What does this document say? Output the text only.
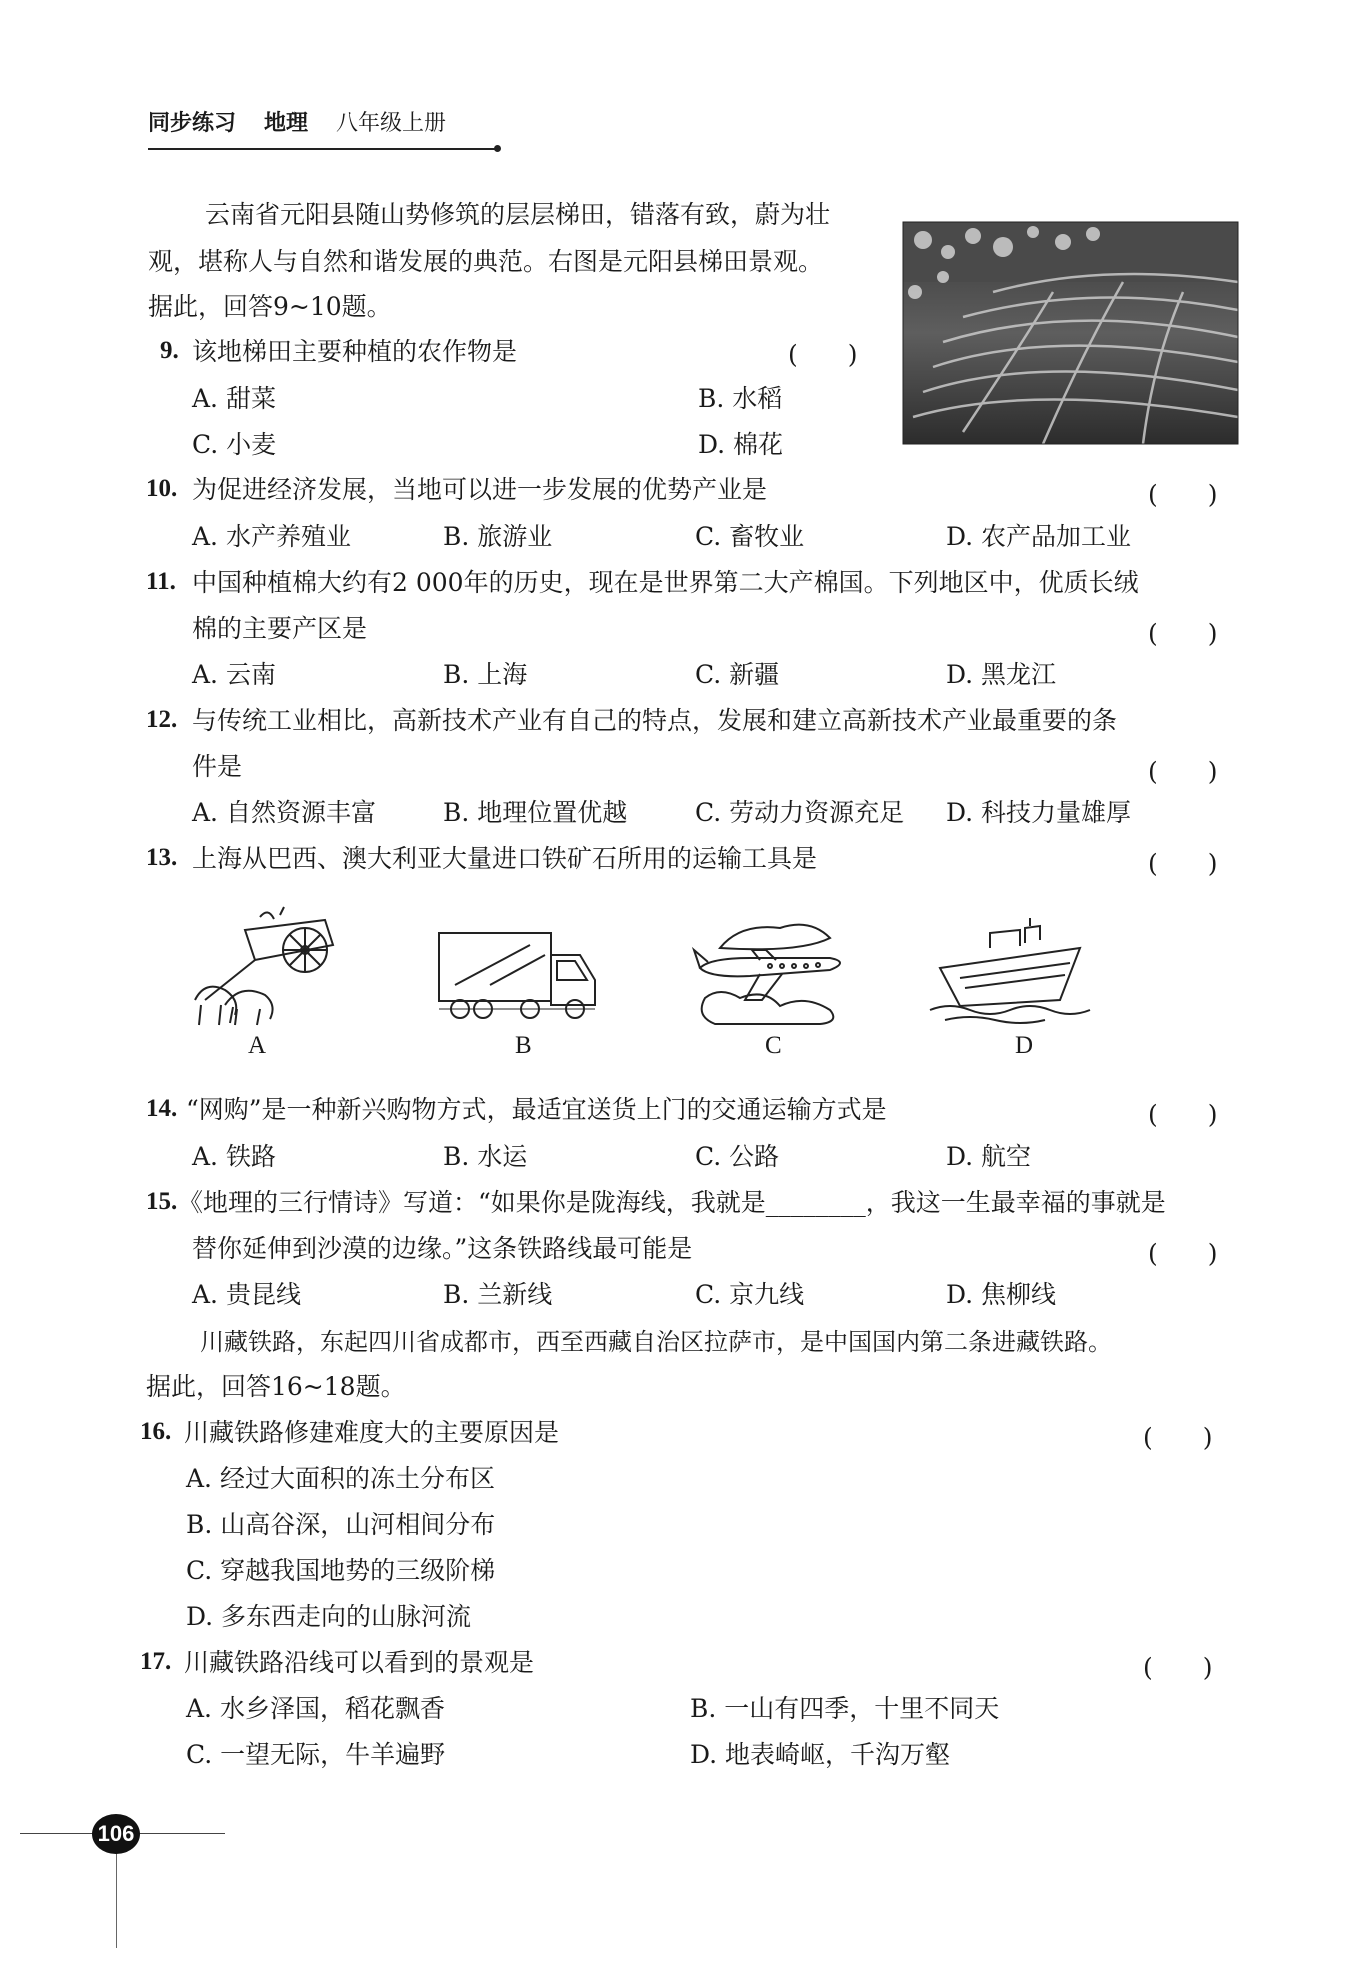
同步练习 地理 八年级上册
云南省元阳县随山势修筑的层层梯田，错落有致，蔚为壮
观，堪称人与自然和谐发展的典范。右图是元阳县梯田景观。
据此，回答9~10题。
9. 该地梯田主要种植的农作物是	(　　)
A. 甜菜	B. 水稻
C. 小麦	D. 棉花
10. 为促进经济发展，当地可以进一步发展的优势产业是	(　　)
A. 水产养殖业	B. 旅游业	C. 畜牧业	D. 农产品加工业
11. 中国种植棉大约有2 000年的历史，现在是世界第二大产棉国。下列地区中，优质长绒
棉的主要产区是	(　　)
A. 云南	B. 上海	C. 新疆	D. 黑龙江
12. 与传统工业相比，高新技术产业有自己的特点，发展和建立高新技术产业最重要的条
件是	(　　)
A. 自然资源丰富	B. 地理位置优越	C. 劳动力资源充足 D. 科技力量雄厚
13. 上海从巴西、澳大利亚大量进口铁矿石所用的运输工具是	(　　)
A	B	C	D
14. “网购”是一种新兴购物方式，最适宜送货上门的交通运输方式是	(　　)
A. 铁路	B. 水运	C. 公路	D. 航空
15. 《地理的三行情诗》写道：“如果你是陇海线，我就是________，我这一生最幸福的事就是
替你延伸到沙漠的边缘。”这条铁路线最可能是	(　　)
A. 贵昆线	B. 兰新线	C. 京九线	D. 焦柳线
川藏铁路，东起四川省成都市，西至西藏自治区拉萨市，是中国国内第二条进藏铁路。
据此，回答16~18题。
16. 川藏铁路修建难度大的主要原因是	(　　)
A. 经过大面积的冻土分布区
B. 山高谷深，山河相间分布
C. 穿越我国地势的三级阶梯
D. 多东西走向的山脉河流
17. 川藏铁路沿线可以看到的景观是	(　　)
A. 水乡泽国，稻花飘香	B. 一山有四季，十里不同天
C. 一望无际，牛羊遍野	D. 地表崎岖，千沟万壑
106
